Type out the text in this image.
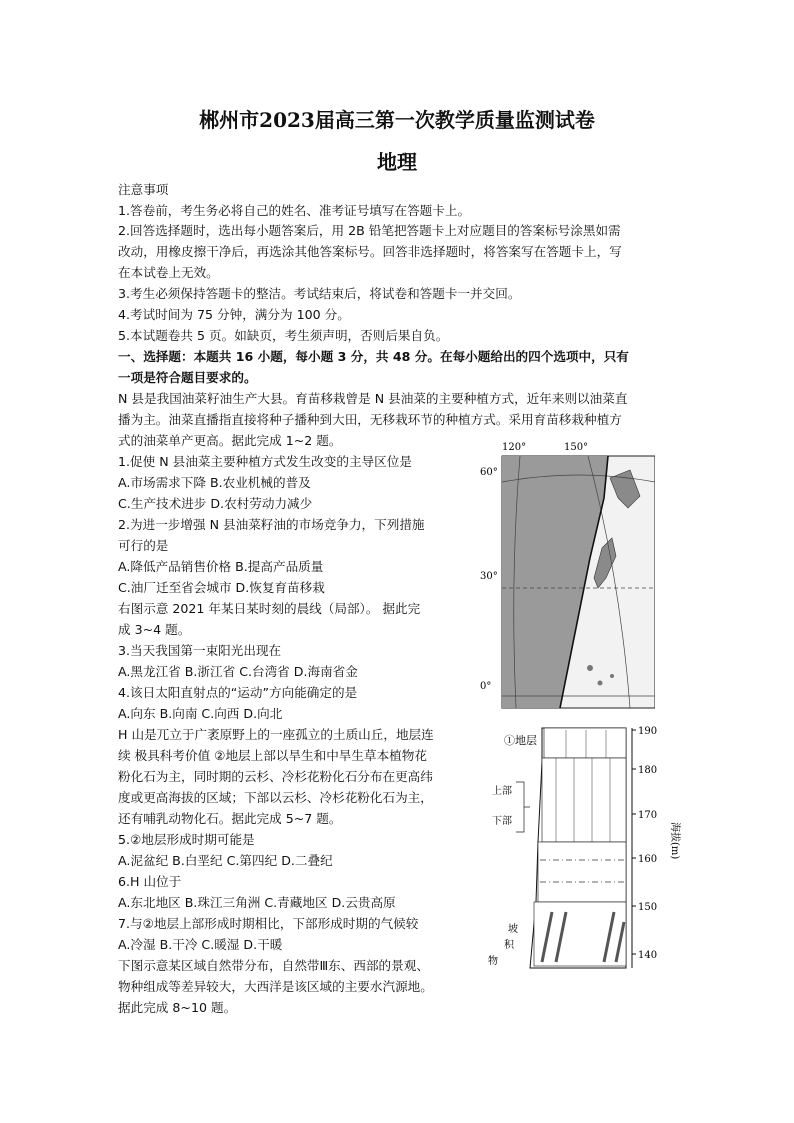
郴州市2023届高三第一次教学质量监测试卷
地理
注意事项
1.答卷前，考生务必将自己的姓名、准考证号填写在答题卡上。
2.回答选择题时，选出每小题答案后，用 2B 铅笔把答题卡上对应题目的答案标号涂黑如需
改动，用橡皮擦干净后，再选涂其他答案标号。回答非选择题时，将答案写在答题卡上，写
在本试卷上无效。
3.考生必须保持答题卡的整洁。考试结束后，将试卷和答题卡一并交回。
4.考试时间为 75 分钟，满分为 100 分。
5.本试题卷共 5 页。如缺页，考生须声明，否则后果自负。
一、选择题：本题共 16 小题，每小题 3 分，共 48 分。在每小题给出的四个选项中，只有
一项是符合题目要求的。
N 县是我国油菜籽油生产大县。育苗移栽曾是 N 县油菜的主要种植方式，近年来则以油菜直
播为主。油菜直播指直接将种子播种到大田，无移栽环节的种植方式。采用育苗移栽种植方
式的油菜单产更高。据此完成 1~2 题。
1.促使 N 县油菜主要种植方式发生改变的主导区位是
A.市场需求下降 B.农业机械的普及
C.生产技术进步 D.农村劳动力减少
2.为进一步增强 N 县油菜籽油的市场竞争力，下列措施
可行的是
A.降低产品销售价格 B.提高产品质量
C.油厂迁至省会城市 D.恢复育苗移栽
右图示意 2021 年某日某时刻的晨线（局部）。 据此完
成 3~4 题。
3.当天我国第一束阳光出现在
A.黑龙江省 B.浙江省 C.台湾省 D.海南省金
4.该日太阳直射点的“运动”方向能确定的是
A.向东 B.向南 C.向西 D.向北
H 山是兀立于广袤原野上的一座孤立的土质山丘，地层连
续 极具科考价值 ②地层上部以旱生和中旱生草本植物花
粉化石为主，同时期的云杉、冷杉花粉化石分布在更高纬
度或更高海拔的区域；下部以云杉、冷杉花粉化石为主，
还有哺乳动物化石。据此完成 5~7 题。
5.②地层形成时期可能是
A.泥盆纪 B.白垩纪 C.第四纪 D.二叠纪
6.H 山位于
A.东北地区 B.珠江三角洲 C.青藏地区 D.云贵高原
7.与②地层上部形成时期相比，下部形成时期的气候较
A.冷湿 B.干冷 C.暖湿 D.干暖
下图示意某区域自然带分布，自然带Ⅲ东、西部的景观、
物种组成等差异较大，大西洋是该区域的主要水汽源地。
据此完成 8~10 题。
120°	150°
60°
30°
0°
①地层
上部
下部
坡
积
物
190
180
170
160
150
140
海拔(m)
